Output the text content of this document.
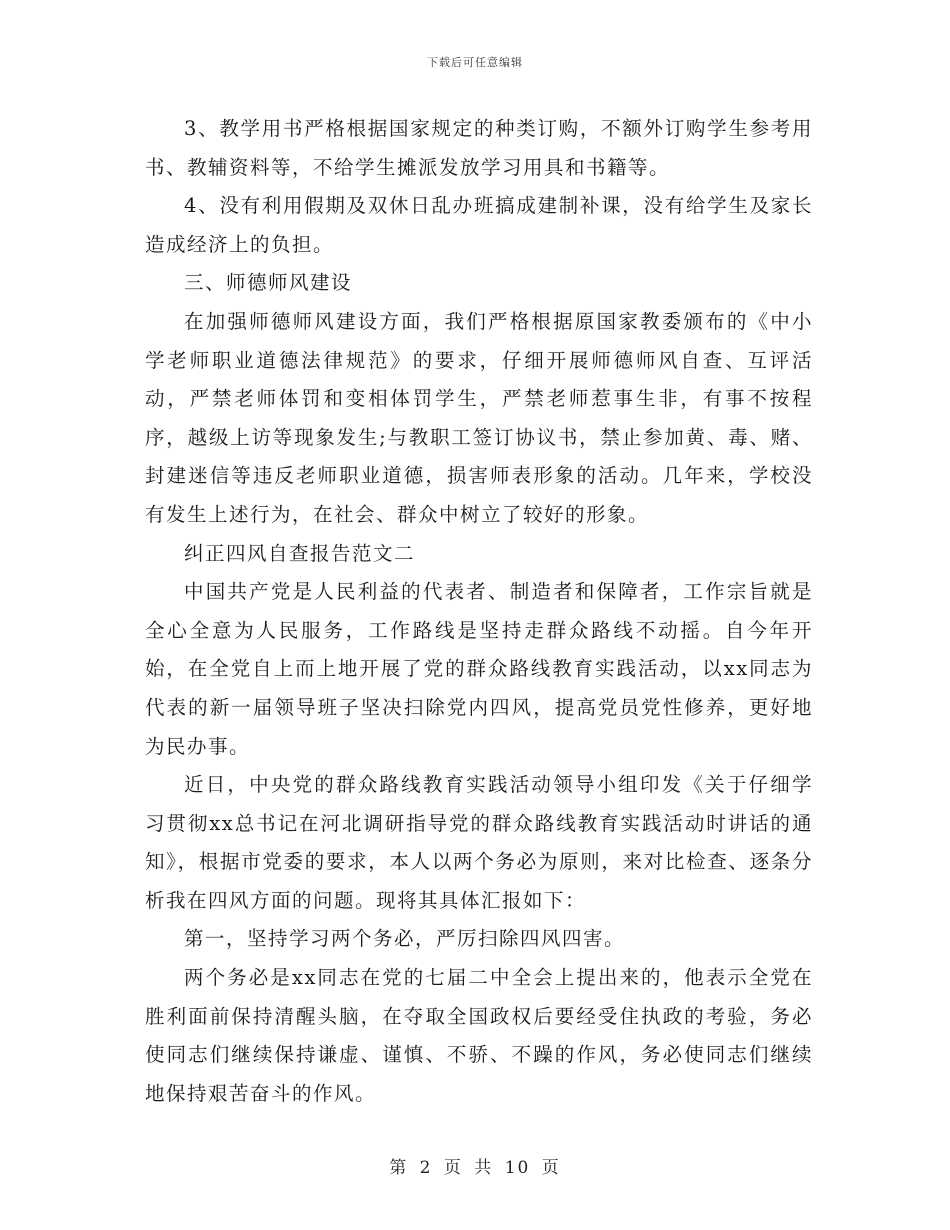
下载后可任意编辑

3、教学用书严格根据国家规定的种类订购，不额外订购学生参考用书、教辅资料等，不给学生摊派发放学习用具和书籍等。

4、没有利用假期及双休日乱办班搞成建制补课，没有给学生及家长造成经济上的负担。

三、师德师风建设

在加强师德师风建设方面，我们严格根据原国家教委颁布的《中小学老师职业道德法律规范》的要求，仔细开展师德师风自查、互评活动，严禁老师体罚和变相体罚学生，严禁老师惹事生非，有事不按程序，越级上访等现象发生;与教职工签订协议书，禁止参加黄、毒、赌、封建迷信等违反老师职业道德，损害师表形象的活动。几年来，学校没有发生上述行为，在社会、群众中树立了较好的形象。

纠正四风自查报告范文二

中国共产党是人民利益的代表者、制造者和保障者，工作宗旨就是全心全意为人民服务，工作路线是坚持走群众路线不动摇。自今年开始，在全党自上而上地开展了党的群众路线教育实践活动，以xx同志为代表的新一届领导班子坚决扫除党内四风，提高党员党性修养，更好地为民办事。

近日，中央党的群众路线教育实践活动领导小组印发《关于仔细学习贯彻xx总书记在河北调研指导党的群众路线教育实践活动时讲话的通知》，根据市党委的要求，本人以两个务必为原则，来对比检查、逐条分析我在四风方面的问题。现将其具体汇报如下：

第一，坚持学习两个务必，严厉扫除四风四害。

两个务必是xx同志在党的七届二中全会上提出来的，他表示全党在胜利面前保持清醒头脑，在夺取全国政权后要经受住执政的考验，务必使同志们继续保持谦虚、谨慎、不骄、不躁的作风，务必使同志们继续地保持艰苦奋斗的作风。

第 2 页 共 10 页
